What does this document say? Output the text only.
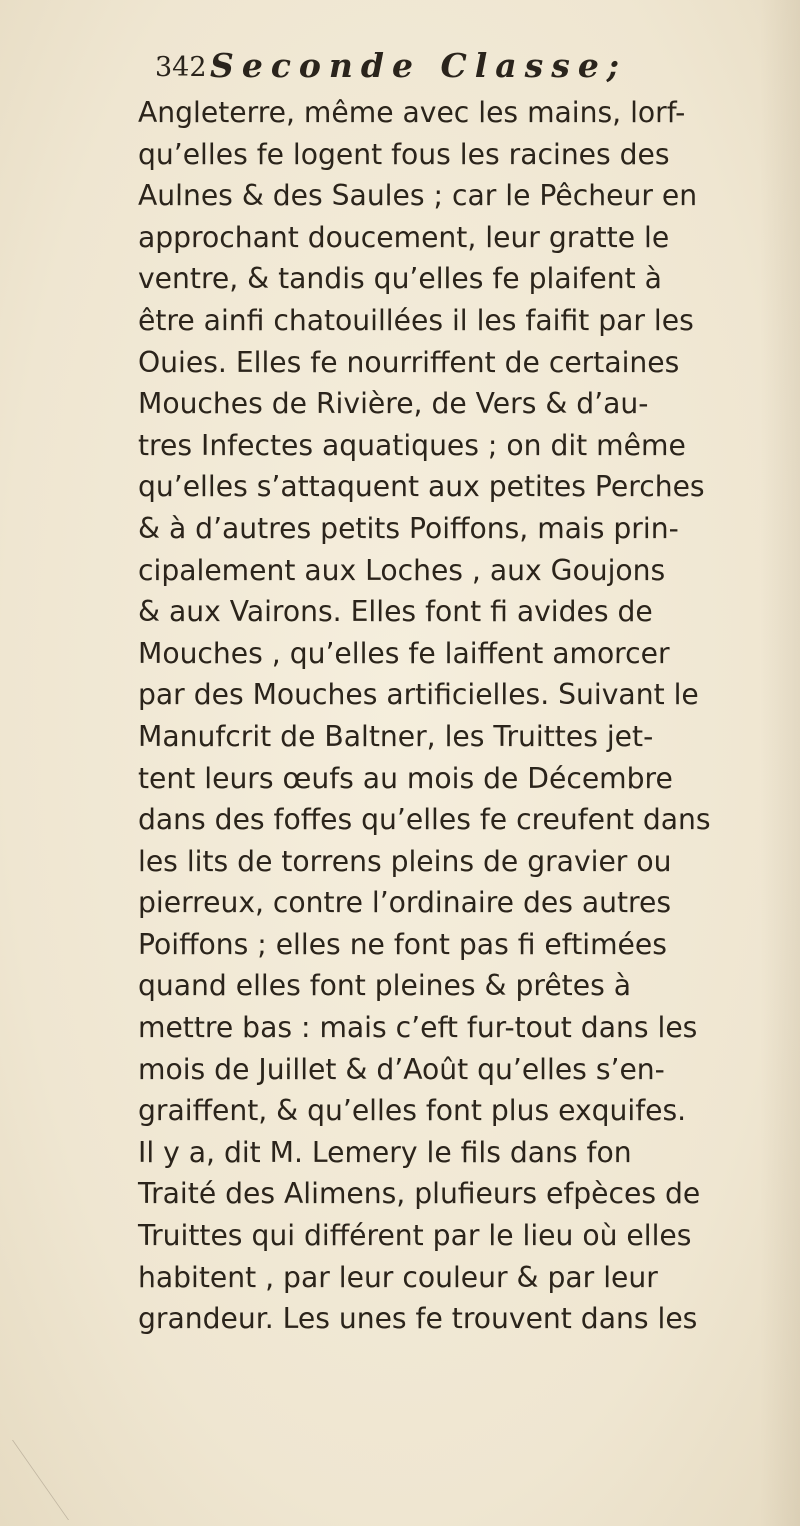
342 Seconde Classe;
Angleterre, même avec les mains, lorf-
qu’elles fe logent fous les racines des
Aulnes & des Saules ; car le Pêcheur en
approchant doucement, leur gratte le
ventre, & tandis qu’elles fe plaifent à
être ainfi chatouillées il les faifit par les
Ouies. Elles fe nourriffent de certaines
Mouches de Rivière, de Vers & d’au-
tres Infectes aquatiques ; on dit même
qu’elles s’attaquent aux petites Perches
& à d’autres petits Poiffons, mais prin-
cipalement aux Loches , aux Goujons
& aux Vairons. Elles font fi avides de
Mouches , qu’elles fe laiffent amorcer
par des Mouches artificielles. Suivant le
Manufcrit de Baltner, les Truittes jet-
tent leurs œufs au mois de Décembre
dans des foffes qu’elles fe creufent dans
les lits de torrens pleins de gravier ou
pierreux, contre l’ordinaire des autres
Poiffons ; elles ne font pas fi eftimées
quand elles font pleines & prêtes à
mettre bas : mais c’eft fur-tout dans les
mois de Juillet & d’Août qu’elles s’en-
graiffent, & qu’elles font plus exquifes.
Il y a, dit M. Lemery le fils dans fon
Traité des Alimens, plufieurs efpèces de
Truittes qui différent par le lieu où elles
habitent , par leur couleur & par leur
grandeur. Les unes fe trouvent dans les
